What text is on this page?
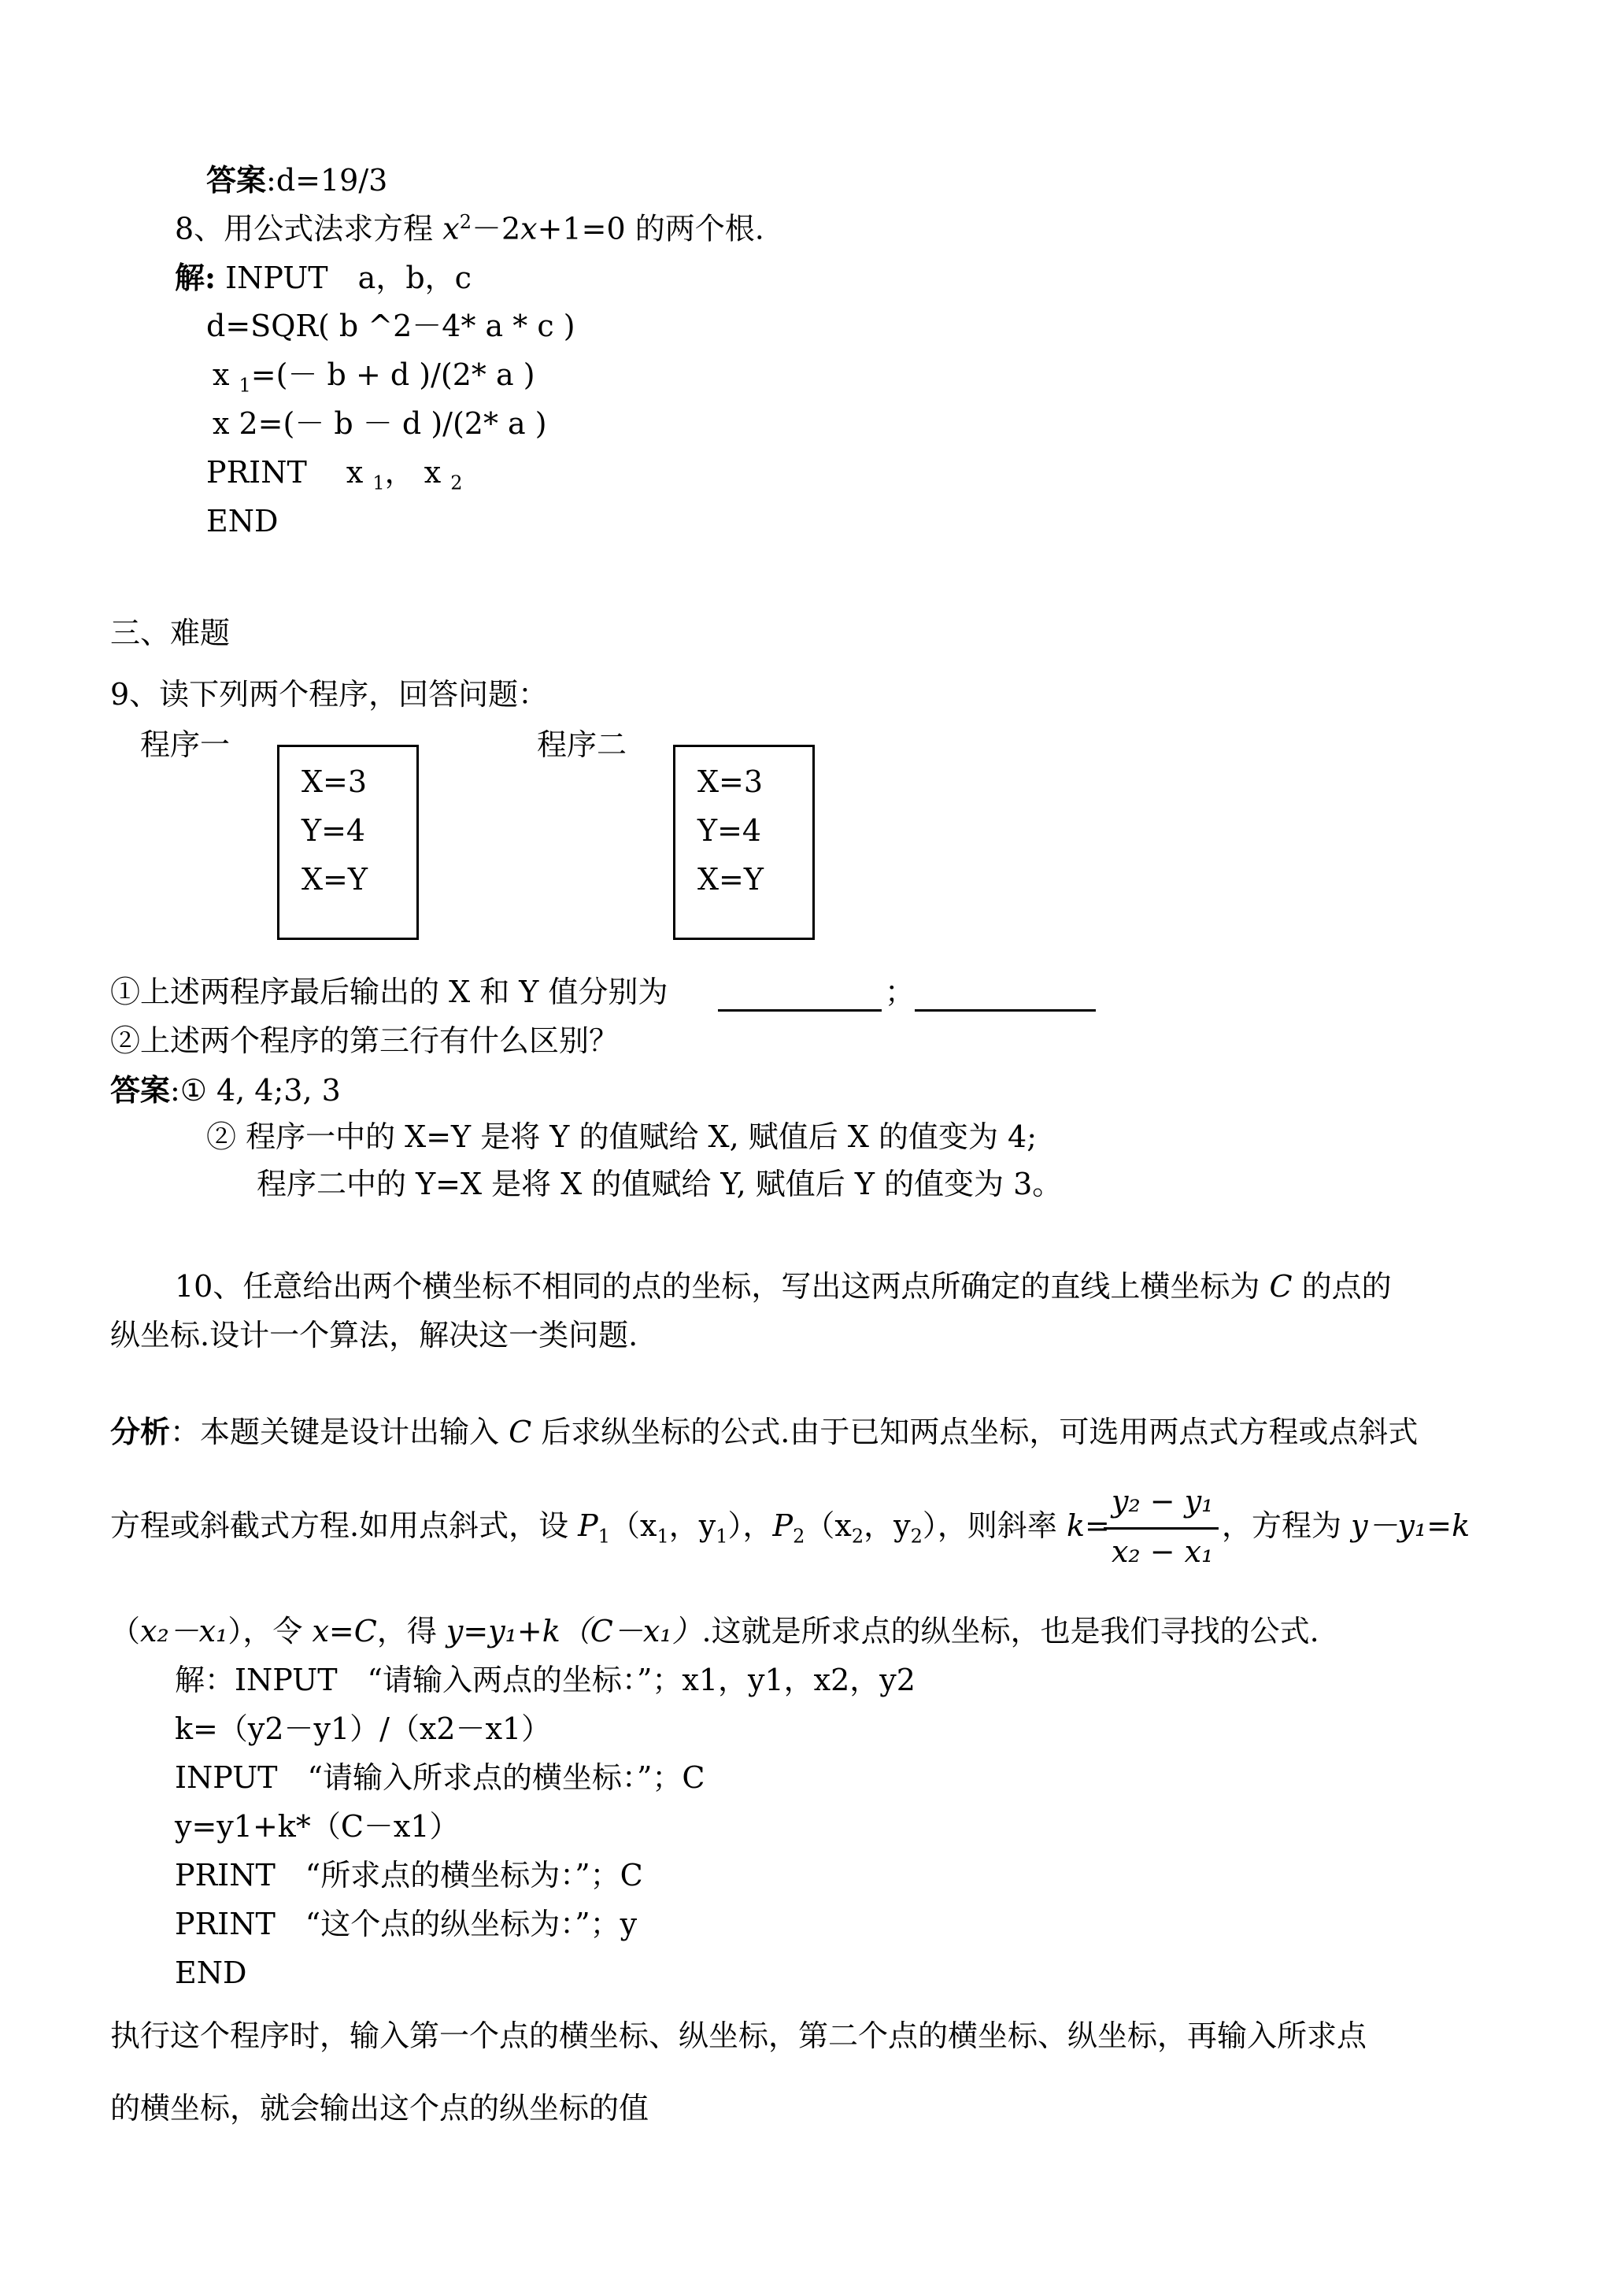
答案:d=19/3
8、用公式法求方程 $x^2-2x+1=0$ 的两个根.
解: INPUT　a，b，c
d=SQR( b ^2－4* a * c )
x $_1$=(－ b + d )/(2* a )
x 2=(－ b － d )/(2* a )
PRINT　 x $_1$， x $_2$
END
三、难题
9、读下列两个程序，回答问题：
程序一
X=3
Y=4
X=Y
程序二
X=3
Y=4
X=Y
①上述两程序最后输出的 X 和 Y 值分别为	；
②上述两个程序的第三行有什么区别？
答案:① 4, 4;3, 3
② 程序一中的 X=Y 是将 Y 的值赋给 X, 赋值后 X 的值变为 4;
程序二中的 Y=X 是将 X 的值赋给 Y, 赋值后 Y 的值变为 3。
10、任意给出两个横坐标不相同的点的坐标，写出这两点所确定的直线上横坐标为 C 的点的
纵坐标.设计一个算法，解决这一类问题.
分析：本题关键是设计出输入 C 后求纵坐标的公式.由于已知两点坐标，可选用两点式方程或点斜式
方程或斜截式方程.如用点斜式，设 $P_1(x_1$，$y_1$），$P_2(x_2$，$y_2$），则斜率 k=
y₂ − y₁
x₂ − x₁
，方程为 y－y₁=k
（x₂－x₁），令 x=C，得 y=y₁+k（C－x₁）.这就是所求点的纵坐标，也是我们寻找的公式.
解：INPUT　“请输入两点的坐标：”；x1，y1，x2，y2
k=（y2－y1）/（x2－x1）
INPUT　“请输入所求点的横坐标：”；C
y=y1+k*（C－x1）
PRINT　“所求点的横坐标为：”；C
PRINT　“这个点的纵坐标为：”；y
END
执行这个程序时，输入第一个点的横坐标、纵坐标，第二个点的横坐标、纵坐标，再输入所求点
的横坐标，就会输出这个点的纵坐标的值
